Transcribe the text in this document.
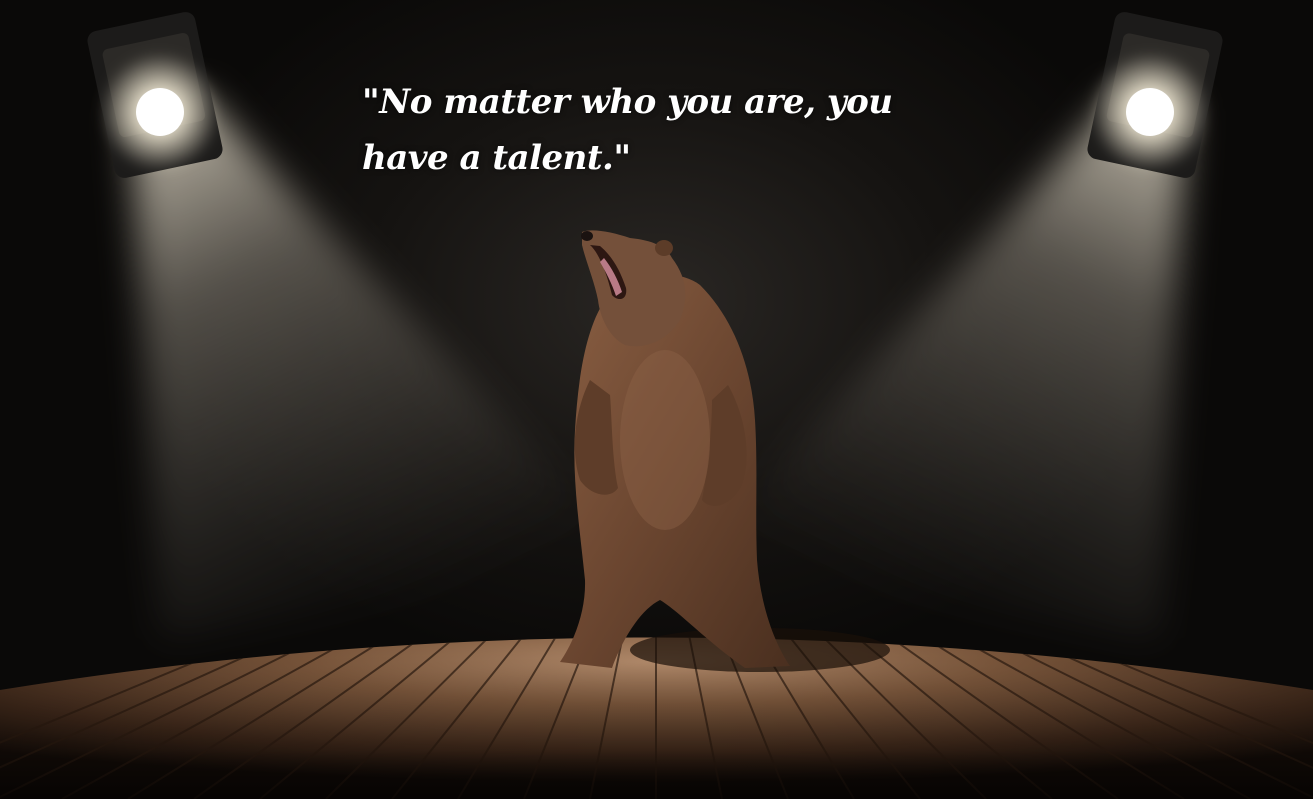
"No matter who you are, you have a talent."
